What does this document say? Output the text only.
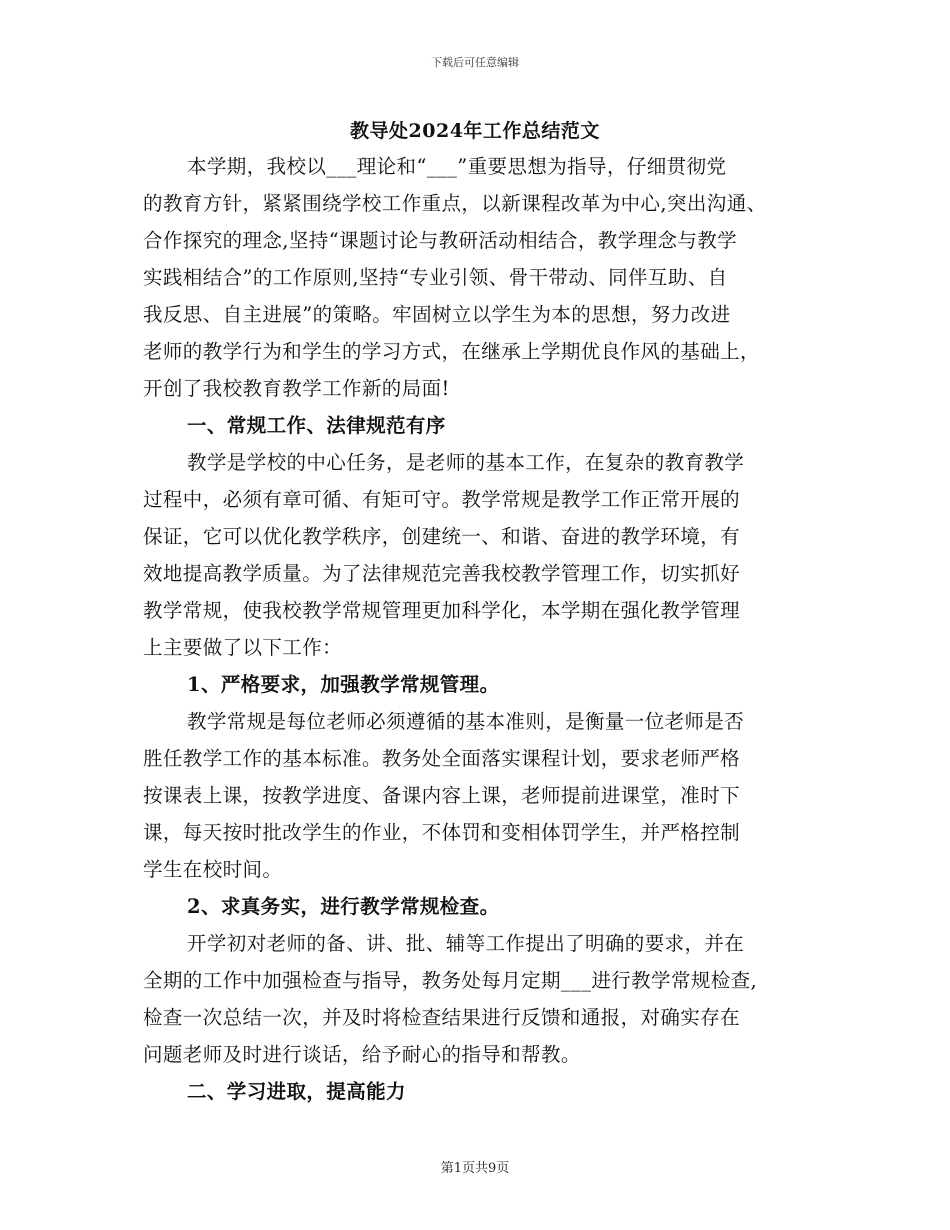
下载后可任意编辑
教导处2024年工作总结范文
本学期，我校以___理论和“___”重要思想为指导，仔细贯彻党
的教育方针，紧紧围绕学校工作重点，以新课程改革为中心,突出沟通、
合作探究的理念,坚持“课题讨论与教研活动相结合，教学理念与教学
实践相结合”的工作原则,坚持“专业引领、骨干带动、同伴互助、自
我反思、自主进展”的策略。牢固树立以学生为本的思想，努力改进
老师的教学行为和学生的学习方式，在继承上学期优良作风的基础上，
开创了我校教育教学工作新的局面!
一、常规工作、法律规范有序
教学是学校的中心任务，是老师的基本工作，在复杂的教育教学
过程中，必须有章可循、有矩可守。教学常规是教学工作正常开展的
保证，它可以优化教学秩序，创建统一、和谐、奋进的教学环境，有
效地提高教学质量。为了法律规范完善我校教学管理工作，切实抓好
教学常规，使我校教学常规管理更加科学化，本学期在强化教学管理
上主要做了以下工作：
1、严格要求，加强教学常规管理。
教学常规是每位老师必须遵循的基本准则，是衡量一位老师是否
胜任教学工作的基本标准。教务处全面落实课程计划，要求老师严格
按课表上课，按教学进度、备课内容上课，老师提前进课堂，准时下
课，每天按时批改学生的作业，不体罚和变相体罚学生，并严格控制
学生在校时间。
2、求真务实，进行教学常规检查。
开学初对老师的备、讲、批、辅等工作提出了明确的要求，并在
全期的工作中加强检查与指导，教务处每月定期___进行教学常规检查,
检查一次总结一次，并及时将检查结果进行反馈和通报，对确实存在
问题老师及时进行谈话，给予耐心的指导和帮教。
二、学习进取，提高能力
第1页共9页
